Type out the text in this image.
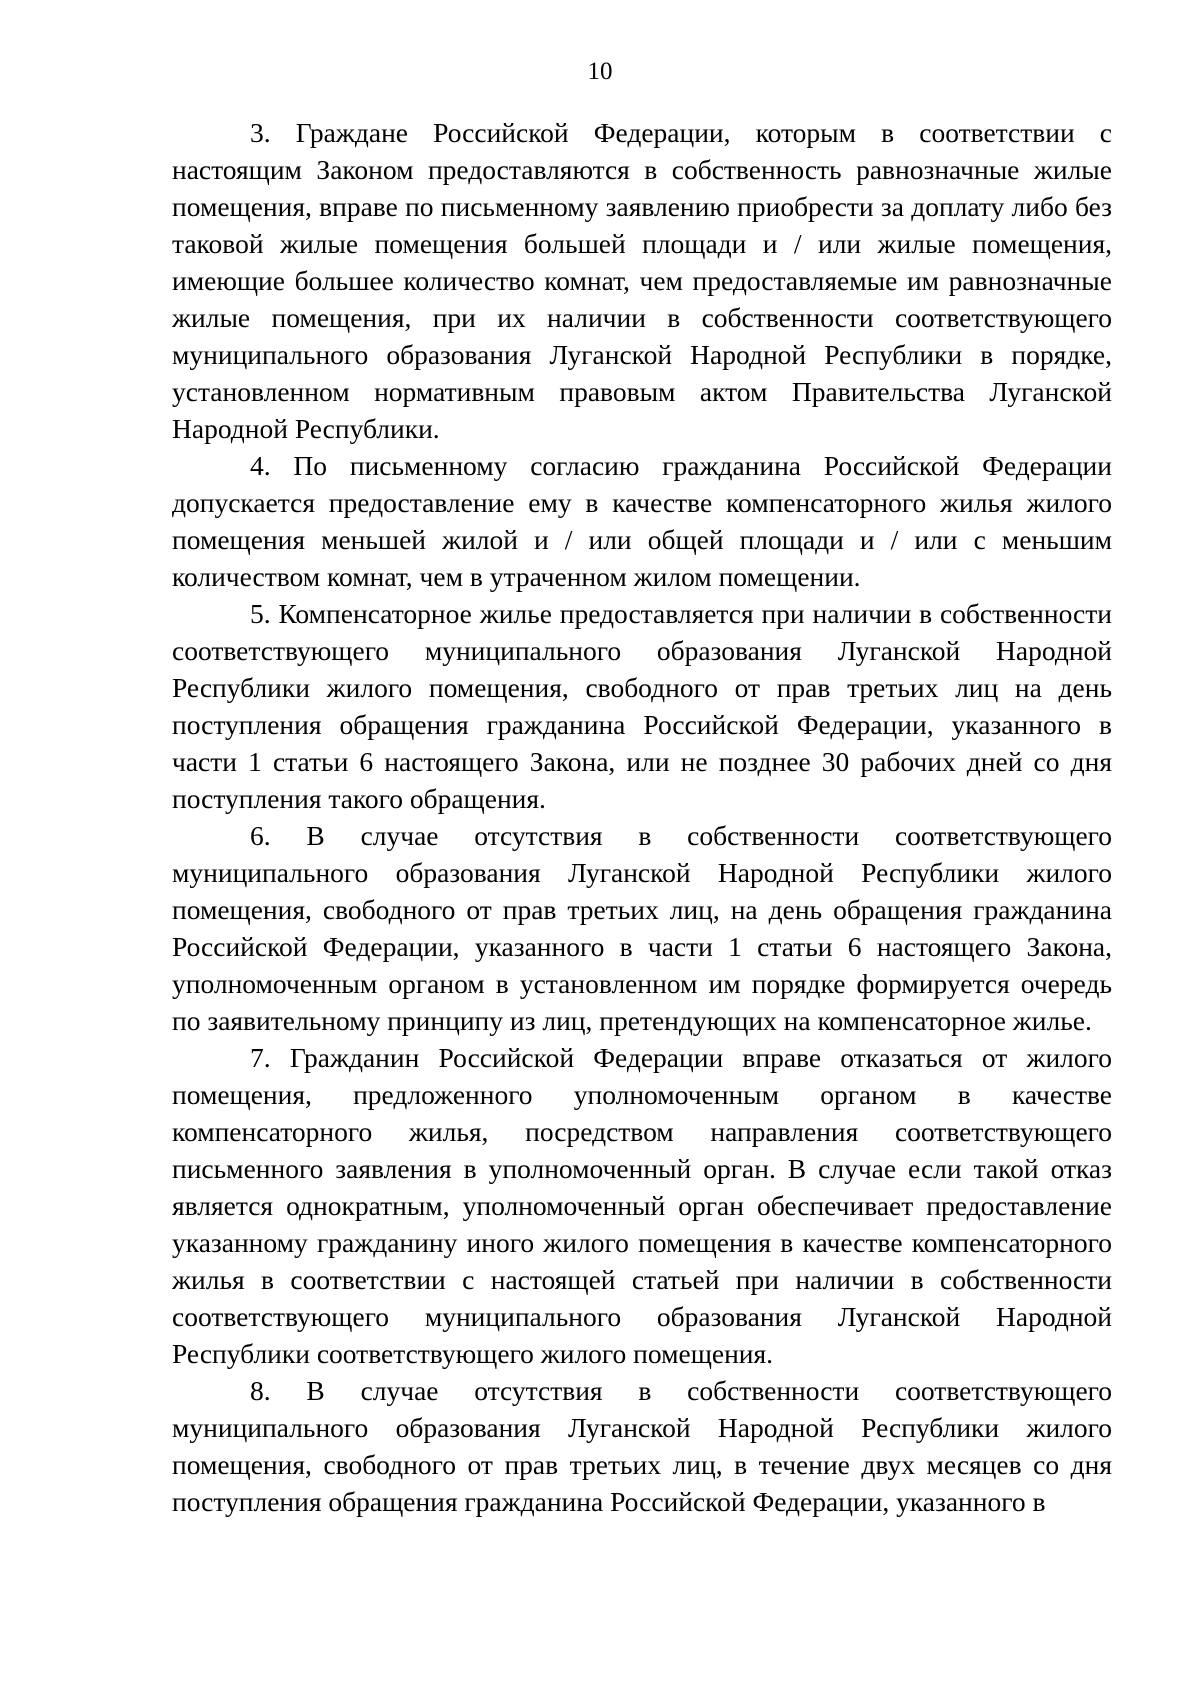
10

3. Граждане Российской Федерации, которым в соответствии с настоящим Законом предоставляются в собственность равнозначные жилые помещения, вправе по письменному заявлению приобрести за доплату либо без таковой жилые помещения большей площади и / или жилые помещения, имеющие большее количество комнат, чем предоставляемые им равнозначные жилые помещения, при их наличии в собственности соответствующего муниципального образования Луганской Народной Республики в порядке, установленном нормативным правовым актом Правительства Луганской Народной Республики.

4. По письменному согласию гражданина Российской Федерации допускается предоставление ему в качестве компенсаторного жилья жилого помещения меньшей жилой и / или общей площади и / или с меньшим количеством комнат, чем в утраченном жилом помещении.

5. Компенсаторное жилье предоставляется при наличии в собственности соответствующего муниципального образования Луганской Народной Республики жилого помещения, свободного от прав третьих лиц на день поступления обращения гражданина Российской Федерации, указанного в части 1 статьи 6 настоящего Закона, или не позднее 30 рабочих дней со дня поступления такого обращения.

6. В случае отсутствия в собственности соответствующего муниципального образования Луганской Народной Республики жилого помещения, свободного от прав третьих лиц, на день обращения гражданина Российской Федерации, указанного в части 1 статьи 6 настоящего Закона, уполномоченным органом в установленном им порядке формируется очередь по заявительному принципу из лиц, претендующих на компенсаторное жилье.

7. Гражданин Российской Федерации вправе отказаться от жилого помещения, предложенного уполномоченным органом в качестве компенсаторного жилья, посредством направления соответствующего письменного заявления в уполномоченный орган. В случае если такой отказ является однократным, уполномоченный орган обеспечивает предоставление указанному гражданину иного жилого помещения в качестве компенсаторного жилья в соответствии с настоящей статьей при наличии в собственности соответствующего муниципального образования Луганской Народной Республики соответствующего жилого помещения.

8. В случае отсутствия в собственности соответствующего муниципального образования Луганской Народной Республики жилого помещения, свободного от прав третьих лиц, в течение двух месяцев со дня поступления обращения гражданина Российской Федерации, указанного в
